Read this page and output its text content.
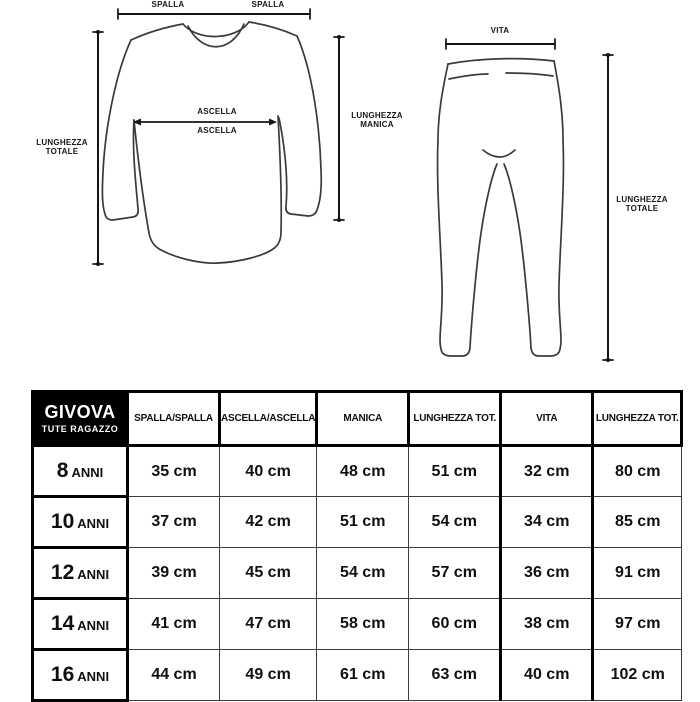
SPALLA	SPALLA
ASCELLA
ASCELLA
LUNGHEZZA TOTALE
LUNGHEZZA MANICA
VITA
LUNGHEZZA TOTALE
GIVOVA
TUTE RAGAZZO	SPALLA/SPALLA	ASCELLA/ASCELLA	MANICA	LUNGHEZZA TOT.	VITA	LUNGHEZZA TOT.
8 ANNI	35 cm	40 cm	48 cm	51 cm	32 cm	80 cm
10 ANNI	37 cm	42 cm	51 cm	54 cm	34 cm	85 cm
12 ANNI	39 cm	45 cm	54 cm	57 cm	36 cm	91 cm
14 ANNI	41 cm	47 cm	58 cm	60 cm	38 cm	97 cm
16 ANNI	44 cm	49 cm	61 cm	63 cm	40 cm	102 cm
